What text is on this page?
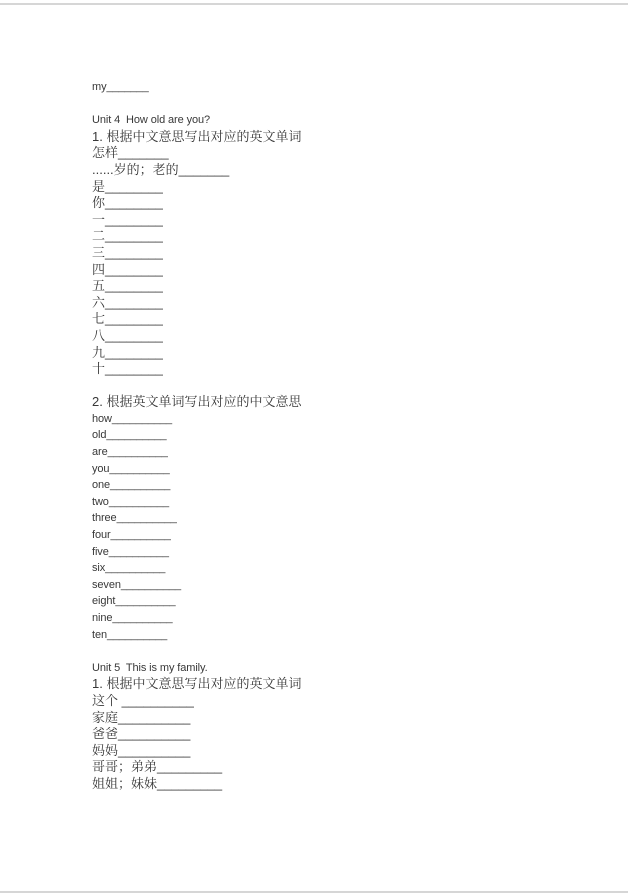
my_______

Unit 4  How old are you?

1. 根据中文意思写出对应的英文单词

怎样_______

......岁的；老的_______

是________

你________

一________

二________

三________

四________

五________

六________

七________

八________

九________

十________

2. 根据英文单词写出对应的中文意思

how__________

old__________

are__________

you__________

one__________

two__________

three__________

four__________

five__________

six__________

seven__________

eight__________

nine__________

ten__________

Unit 5  This is my family.

1. 根据中文意思写出对应的英文单词

这个 __________

家庭__________

爸爸__________

妈妈__________

哥哥；弟弟_________

姐姐；妹妹_________
